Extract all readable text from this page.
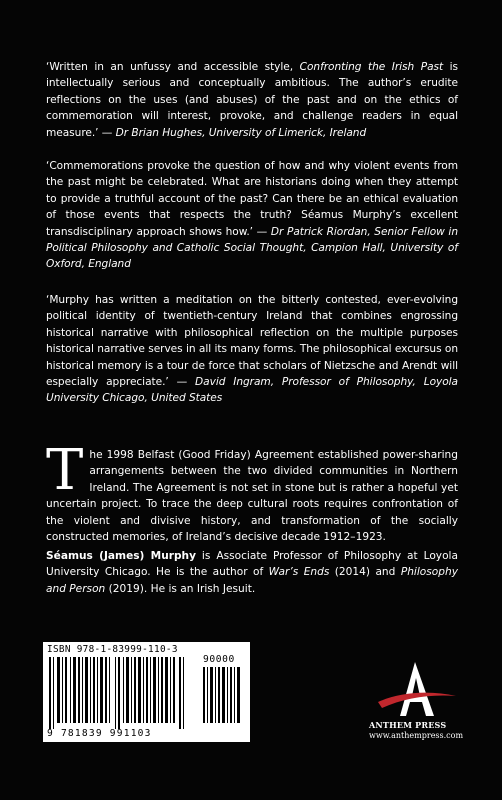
‘Written in an unfussy and accessible style, Confronting the Irish Past is intellectually serious and conceptually ambitious. The author’s erudite reflections on the uses (and abuses) of the past and on the ethics of commemoration will interest, provoke, and challenge readers in equal measure.’ — Dr Brian Hughes, University of Limerick, Ireland
‘Commemorations provoke the question of how and why violent events from the past might be celebrated. What are historians doing when they attempt to provide a truthful account of the past? Can there be an ethical evaluation of those events that respects the truth? Séamus Murphy’s excellent transdisciplinary approach shows how.’ — Dr Patrick Riordan, Senior Fellow in Political Philosophy and Catholic Social Thought, Campion Hall, University of Oxford, England
‘Murphy has written a meditation on the bitterly contested, ever-evolving political identity of twentieth-century Ireland that combines engrossing historical narrative with philosophical reflection on the multiple purposes historical narrative serves in all its many forms. The philosophical excursus on historical memory is a tour de force that scholars of Nietzsche and Arendt will especially appreciate.’ — David Ingram, Professor of Philosophy, Loyola University Chicago, United States
The 1998 Belfast (Good Friday) Agreement established power-sharing arrangements between the two divided communities in Northern Ireland. The Agreement is not set in stone but is rather a hopeful yet uncertain project. To trace the deep cultural roots requires confrontation of the violent and divisive history, and transformation of the socially constructed memories, of Ireland’s decisive decade 1912–1923.
Séamus (James) Murphy is Associate Professor of Philosophy at Loyola University Chicago. He is the author of War’s Ends (2014) and Philosophy and Person (2019). He is an Irish Jesuit.
ISBN 978-1-83999-110-3
90000
9 781839 991103
ANTHEM PRESS
www.anthempress.com
